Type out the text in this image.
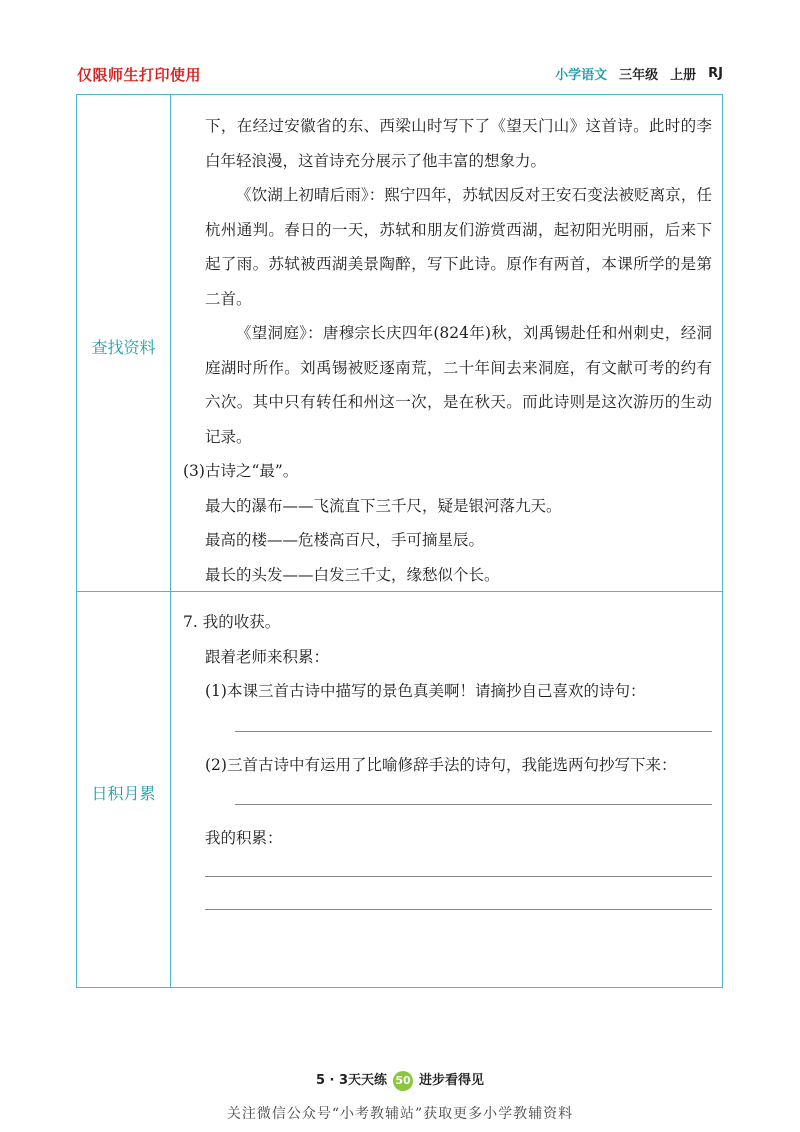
仅限师生打印使用	小学语文 三年级 上册 RJ
查找资料
日积月累
下，在经过安徽省的东、西梁山时写下了《望天门山》这首诗。此时的李白年轻浪漫，这首诗充分展示了他丰富的想象力。
《饮湖上初晴后雨》：熙宁四年，苏轼因反对王安石变法被贬离京，任杭州通判。春日的一天，苏轼和朋友们游赏西湖，起初阳光明丽，后来下起了雨。苏轼被西湖美景陶醉，写下此诗。原作有两首，本课所学的是第二首。
《望洞庭》：唐穆宗长庆四年(824年)秋，刘禹锡赴任和州刺史，经洞庭湖时所作。刘禹锡被贬逐南荒，二十年间去来洞庭，有文献可考的约有六次。其中只有转任和州这一次，是在秋天。而此诗则是这次游历的生动记录。
(3)古诗之“最”。
最大的瀑布——飞流直下三千尺，疑是银河落九天。
最高的楼——危楼高百尺，手可摘星辰。
最长的头发——白发三千丈，缘愁似个长。
7. 我的收获。
跟着老师来积累：
(1)本课三首古诗中描写的景色真美啊！请摘抄自己喜欢的诗句：
(2)三首古诗中有运用了比喻修辞手法的诗句，我能选两句抄写下来：
我的积累：
5 · 3天天练 50 进步看得见
关注微信公众号“小考教辅站”获取更多小学教辅资料
